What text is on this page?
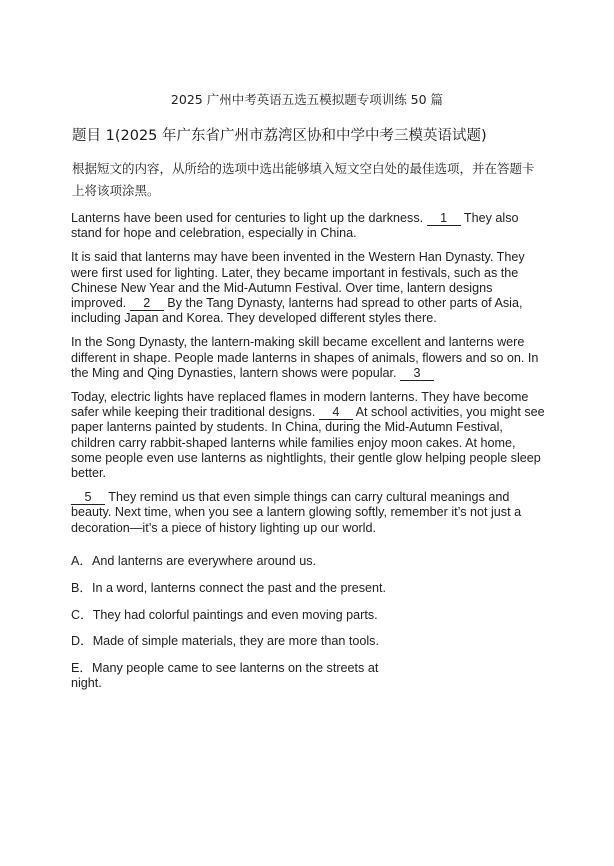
2025 广州中考英语五选五模拟题专项训练 50 篇
题目 1(2025 年广东省广州市荔湾区协和中学中考三模英语试题)
根据短文的内容，从所给的选项中选出能够填入短文空白处的最佳选项，并在答题卡上将该项涂黑。

Lanterns have been used for centuries to light up the darkness. 1 They also stand for hope and celebration, especially in China.

It is said that lanterns may have been invented in the Western Han Dynasty. They were first used for lighting. Later, they became important in festivals, such as the Chinese New Year and the Mid-Autumn Festival. Over time, lantern designs improved. 2 By the Tang Dynasty, lanterns had spread to other parts of Asia, including Japan and Korea. They developed different styles there.

In the Song Dynasty, the lantern-making skill became excellent and lanterns were different in shape. People made lanterns in shapes of animals, flowers and so on. In the Ming and Qing Dynasties, lantern shows were popular. 3

Today, electric lights have replaced flames in modern lanterns. They have become safer while keeping their traditional designs. 4 At school activities, you might see paper lanterns painted by students. In China, during the Mid-Autumn Festival, children carry rabbit-shaped lanterns while families enjoy moon cakes. At home, some people even use lanterns as nightlights, their gentle glow helping people sleep better.

5 They remind us that even simple things can carry cultural meanings and beauty. Next time, when you see a lantern glowing softly, remember it’s not just a decoration—it’s a piece of history lighting up our world.

A．And lanterns are everywhere around us.
B．In a word, lanterns connect the past and the present.
C．They had colorful paintings and even moving parts.
D．Made of simple materials, they are more than tools.
E．Many people came to see lanterns on the streets at night.
